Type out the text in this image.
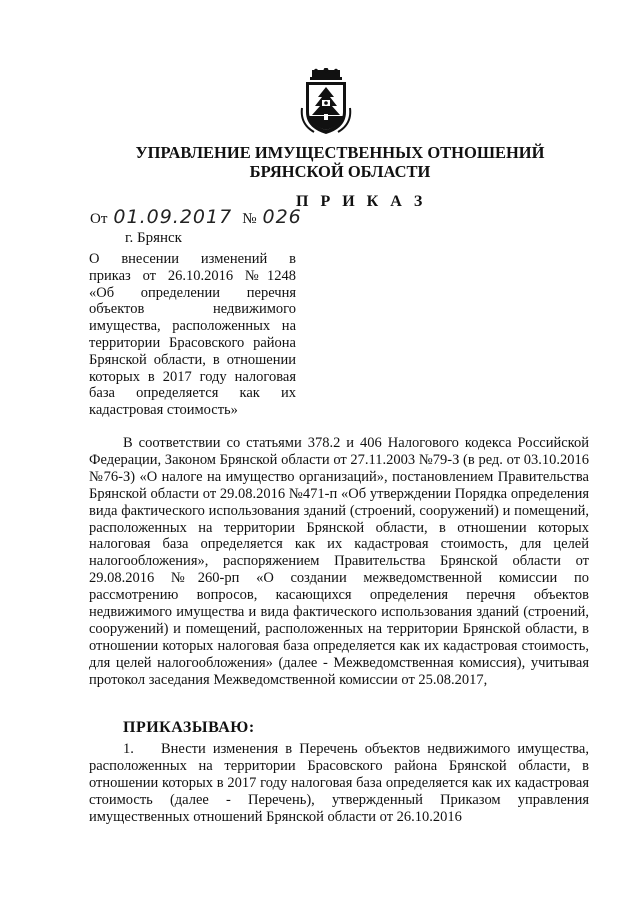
УПРАВЛЕНИЕ ИМУЩЕСТВЕННЫХ ОТНОШЕНИЙ
БРЯНСКОЙ ОБЛАСТИ
П Р И К А З
От 01.09.2017 № 026
г. Брянск
О внесении изменений в
приказ от 26.10.2016 №1248
«Об определении перечня
объектов недвижимого
имущества, расположенных на
территории Брасовского района
Брянской области, в отношении
которых в 2017 году налоговая
база определяется как их
кадастровая стоимость»

В соответствии со статьями 378.2 и 406 Налогового кодекса Российской Федерации, Законом Брянской области от 27.11.2003 №79-З (в ред. от 03.10.2016 №76-З) «О налоге на имущество организаций», постановлением Правительства Брянской области от 29.08.2016 №471-п «Об утверждении Порядка определения вида фактического использования зданий (строений, сооружений) и помещений, расположенных на территории Брянской области, в отношении которых налоговая база определяется как их кадастровая стоимость, для целей налогообложения», распоряжением Правительства Брянской области от 29.08.2016 №260-рп «О создании межведомственной комиссии по рассмотрению вопросов, касающихся определения перечня объектов недвижимого имущества и вида фактического использования зданий (строений, сооружений) и помещений, расположенных на территории Брянской области, в отношении которых налоговая база определяется как их кадастровая стоимость, для целей налогообложения» (далее - Межведомственная комиссия), учитывая протокол заседания Межведомственной комиссии от 25.08.2017,

ПРИКАЗЫВАЮ:

1. Внести изменения в Перечень объектов недвижимого имущества, расположенных на территории Брасовского района Брянской области, в отношении которых в 2017 году налоговая база определяется как их кадастровая стоимость (далее - Перечень), утвержденный Приказом управления имущественных отношений Брянской области от 26.10.2016
